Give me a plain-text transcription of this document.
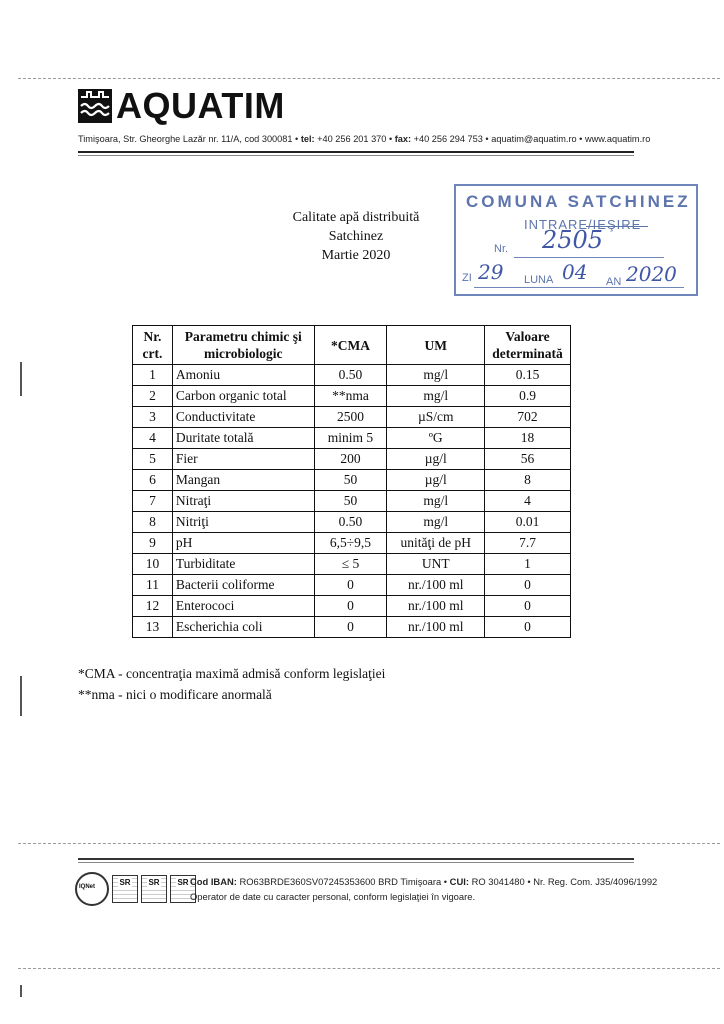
AQUATIM
Timişoara, Str. Gheorghe Lazăr nr. 11/A, cod 300081 • tel: +40 256 201 370 • fax: +40 256 294 753 • aquatim@aquatim.ro • www.aquatim.ro
Calitate apă distribuită
Satchinez
Martie 2020
COMUNA SATCHINEZ
INTRARE/IEŞIRE
Nr. 2505
ZI 29 LUNA 04 AN 2020
Nr. crt.	Parametru chimic şi microbiologic	*CMA	UM	Valoare determinată
1	Amoniu	0.50	mg/l	0.15
2	Carbon organic total	**nma	mg/l	0.9
3	Conductivitate	2500	µS/cm	702
4	Duritate totală	minim 5	ºG	18
5	Fier	200	µg/l	56
6	Mangan	50	µg/l	8
7	Nitraţi	50	mg/l	4
8	Nitriţi	0.50	mg/l	0.01
9	pH	6,5÷9,5	unităţi de pH	7.7
10	Turbiditate	≤ 5	UNT	1
11	Bacterii coliforme	0	nr./100 ml	0
12	Enterococi	0	nr./100 ml	0
13	Escherichia coli	0	nr./100 ml	0
*CMA - concentraţia maximă admisă conform legislaţiei
**nma - nici o modificare anormală
IQNet	SR	SR	SR Cod IBAN: RO63BRDE360SV07245353600 BRD Timişoara • CUI: RO 3041480 • Nr. Reg. Com. J35/4096/1992
Operator de date cu caracter personal, conform legislaţiei în vigoare.
